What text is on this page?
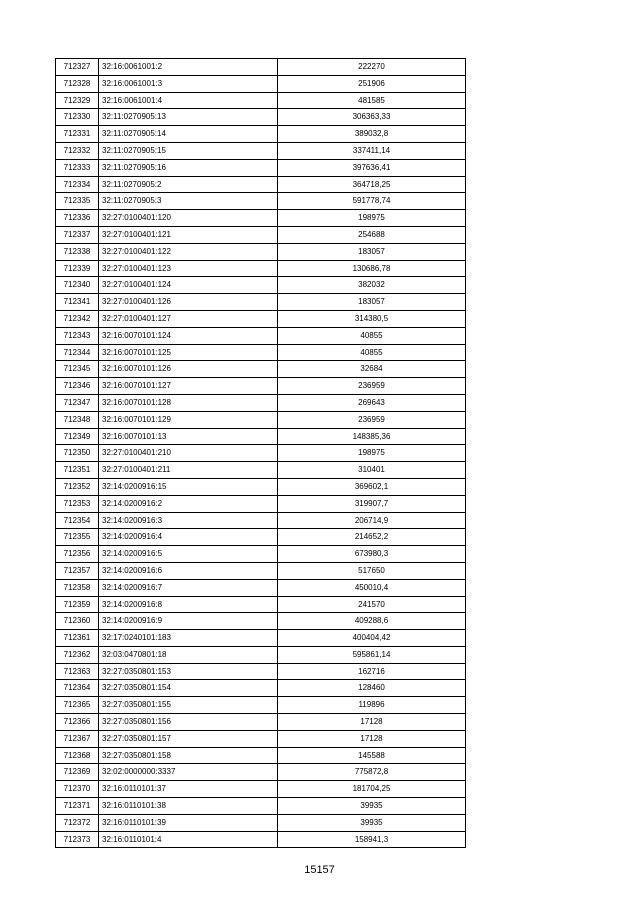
712327	32:16:0061001:2	222270
712328	32:16:0061001:3	251906
712329	32:16:0061001:4	481585
712330	32:11:0270905:13	306363,33
712331	32:11:0270905:14	389032,8
712332	32:11:0270905:15	337411,14
712333	32:11:0270905:16	397636,41
712334	32:11:0270905:2	364718,25
712335	32:11:0270905:3	591778,74
712336	32:27:0100401:120	198975
712337	32:27:0100401:121	254688
712338	32:27:0100401:122	183057
712339	32:27:0100401:123	130686,78
712340	32:27:0100401:124	382032
712341	32:27:0100401:126	183057
712342	32:27:0100401:127	314380,5
712343	32:16:0070101:124	40855
712344	32:16:0070101:125	40855
712345	32:16:0070101:126	32684
712346	32:16:0070101:127	236959
712347	32:16:0070101:128	269643
712348	32:16:0070101:129	236959
712349	32:16:0070101:13	148385,36
712350	32:27:0100401:210	198975
712351	32:27:0100401:211	310401
712352	32:14:0200916:15	369602,1
712353	32:14:0200916:2	319907,7
712354	32:14:0200916:3	206714,9
712355	32:14:0200916:4	214652,2
712356	32:14:0200916:5	673980,3
712357	32:14:0200916:6	517650
712358	32:14:0200916:7	450010,4
712359	32:14:0200916:8	241570
712360	32:14:0200916:9	409288,6
712361	32:17:0240101:183	400404,42
712362	32:03:0470801:18	595861,14
712363	32:27:0350801:153	162716
712364	32:27:0350801:154	128460
712365	32:27:0350801:155	119896
712366	32:27:0350801:156	17128
712367	32:27:0350801:157	17128
712368	32:27:0350801:158	145588
712369	32:02:0000000:3337	775872,8
712370	32:16:0110101:37	181704,25
712371	32:16:0110101:38	39935
712372	32:16:0110101:39	39935
712373	32:16:0110101:4	158941,3
15157
